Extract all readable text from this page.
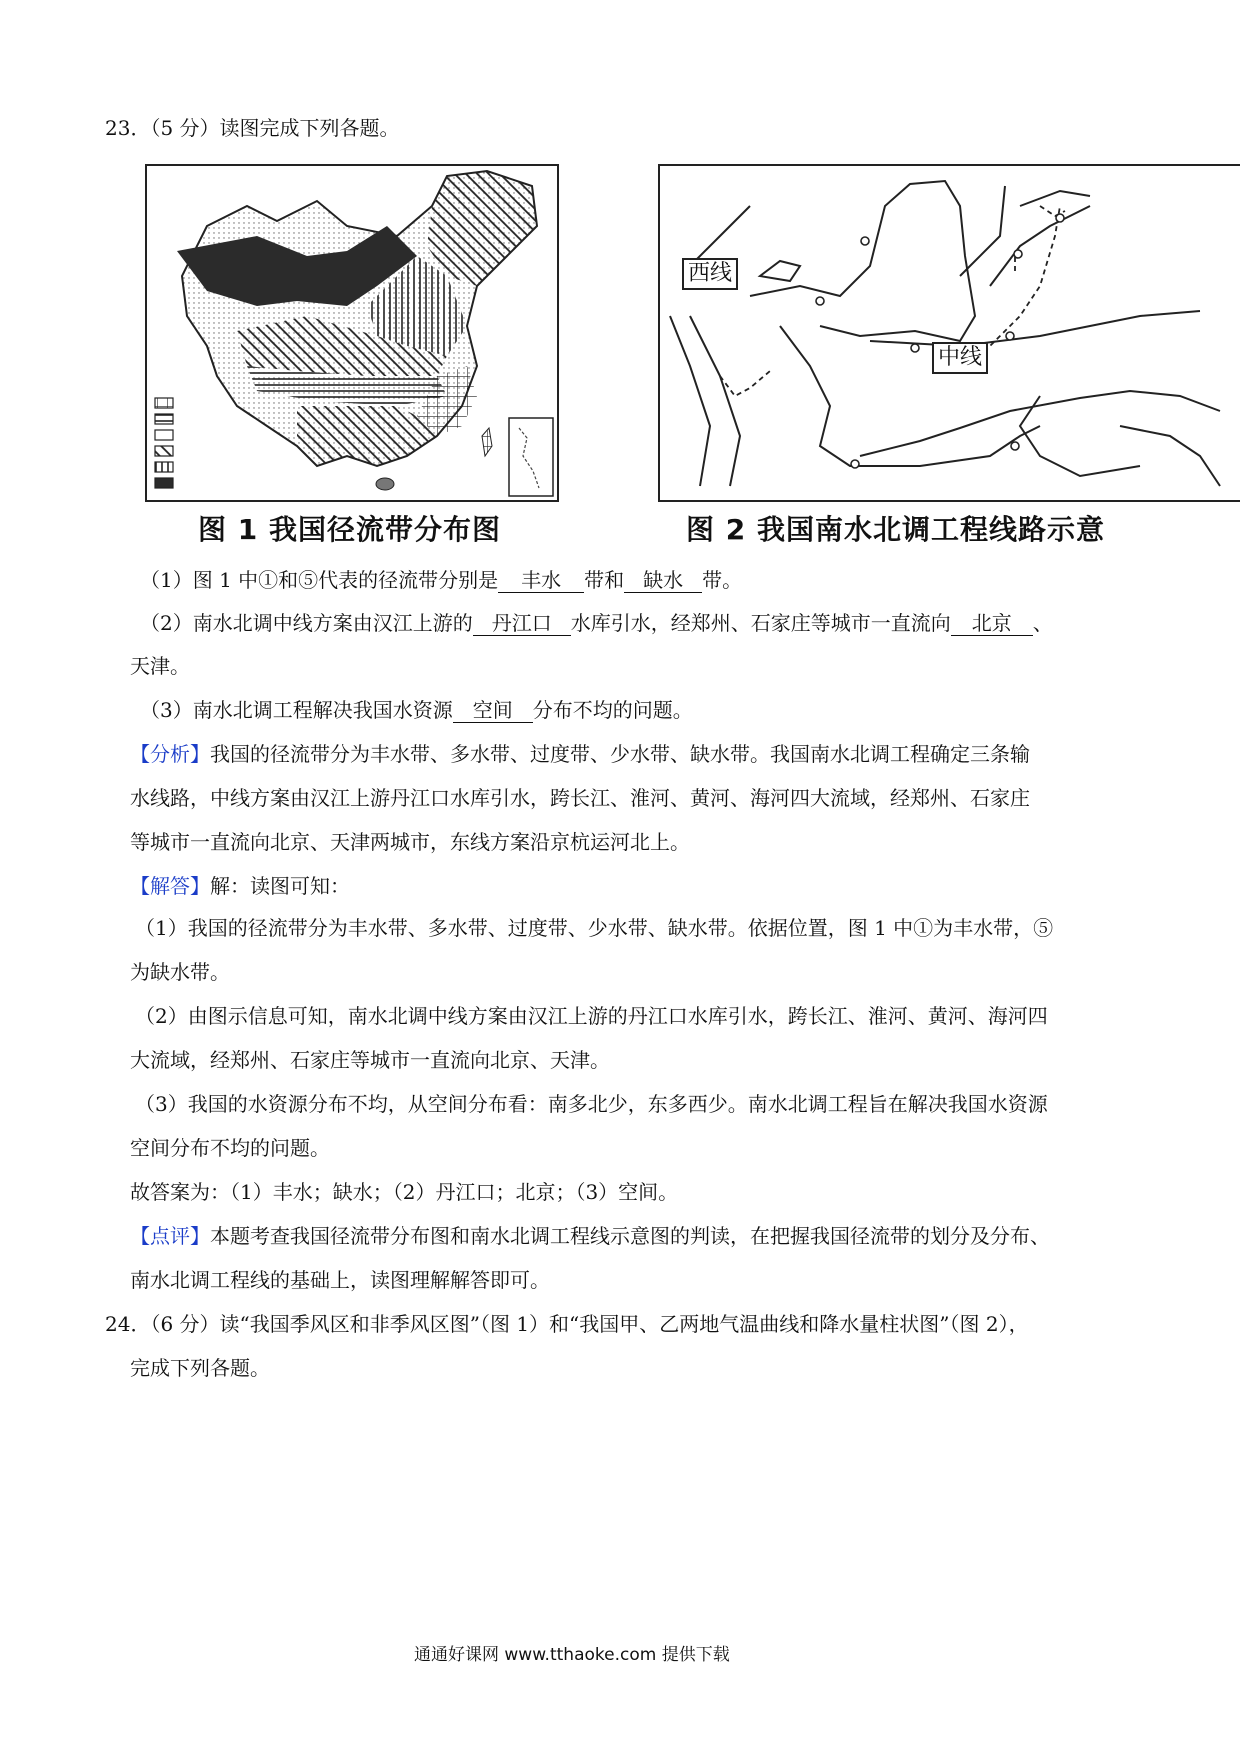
23．（5 分）读图完成下列各题。
图 1 我国径流带分布图
西线
中线
图 2 我国南水北调工程线路示意
（1）图 1 中①和⑤代表的径流带分别是 丰水 带和 缺水 带。
（2）南水北调中线方案由汉江上游的 丹江口 水库引水，经郑州、石家庄等城市一直流向 北京 、
天津。
（3）南水北调工程解决我国水资源 空间 分布不均的问题。
【分析】我国的径流带分为丰水带、多水带、过度带、少水带、缺水带。我国南水北调工程确定三条输
水线路，中线方案由汉江上游丹江口水库引水，跨长江、淮河、黄河、海河四大流域，经郑州、石家庄
等城市一直流向北京、天津两城市，东线方案沿京杭运河北上。
【解答】解：读图可知：
（1）我国的径流带分为丰水带、多水带、过度带、少水带、缺水带。依据位置，图 1 中①为丰水带，⑤
为缺水带。
（2）由图示信息可知，南水北调中线方案由汉江上游的丹江口水库引水，跨长江、淮河、黄河、海河四
大流域，经郑州、石家庄等城市一直流向北京、天津。
（3）我国的水资源分布不均，从空间分布看：南多北少，东多西少。南水北调工程旨在解决我国水资源
空间分布不均的问题。
故答案为：（1）丰水；缺水；（2）丹江口；北京；（3）空间。
【点评】本题考查我国径流带分布图和南水北调工程线示意图的判读，在把握我国径流带的划分及分布、
南水北调工程线的基础上，读图理解解答即可。
24．（6 分）读“我国季风区和非季风区图”（图 1）和“我国甲、乙两地气温曲线和降水量柱状图”（图 2），
完成下列各题。
通通好课网 www.tthaoke.com 提供下载
